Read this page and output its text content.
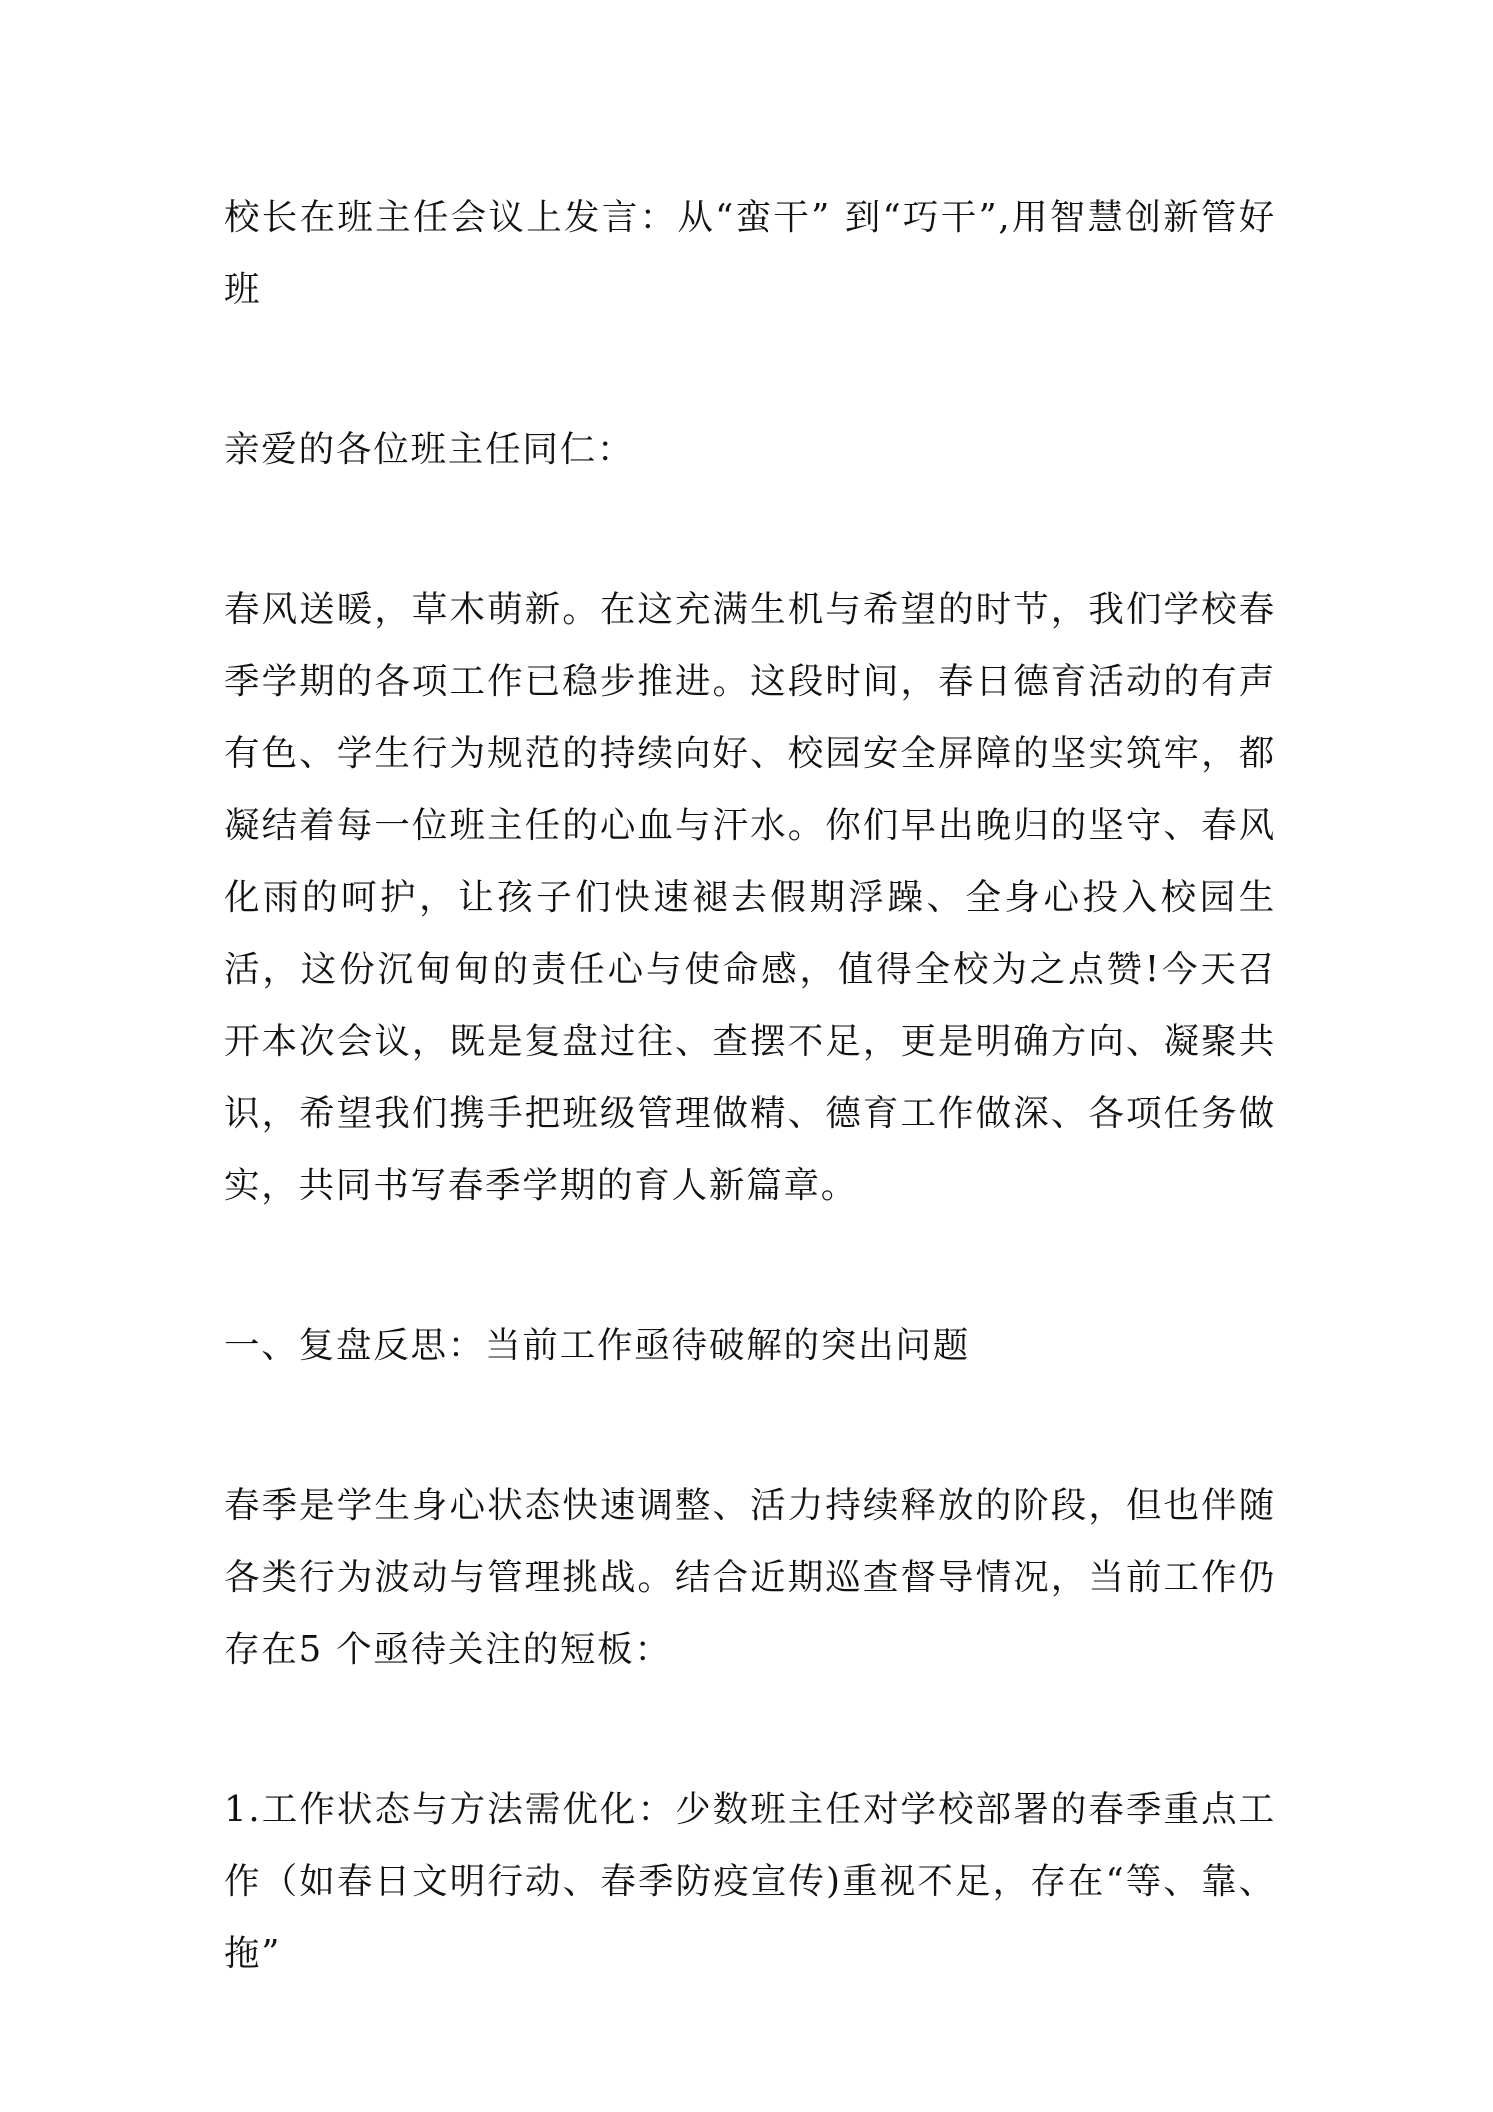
校长在班主任会议上发言：从“蛮干” 到“巧干”,用智慧创新管好班

亲爱的各位班主任同仁：

春风送暖，草木萌新。在这充满生机与希望的时节，我们学校春季学期的各项工作已稳步推进。这段时间，春日德育活动的有声有色、学生行为规范的持续向好、校园安全屏障的坚实筑牢，都凝结着每一位班主任的心血与汗水。你们早出晚归的坚守、春风化雨的呵护，让孩子们快速褪去假期浮躁、全身心投入校园生活，这份沉甸甸的责任心与使命感，值得全校为之点赞!今天召开本次会议，既是复盘过往、查摆不足，更是明确方向、凝聚共识，希望我们携手把班级管理做精、德育工作做深、各项任务做实，共同书写春季学期的育人新篇章。

一、复盘反思：当前工作亟待破解的突出问题

春季是学生身心状态快速调整、活力持续释放的阶段，但也伴随各类行为波动与管理挑战。结合近期巡查督导情况，当前工作仍存在5 个亟待关注的短板：

1.工作状态与方法需优化：少数班主任对学校部署的春季重点工作（如春日文明行动、春季防疫宣传)重视不足，存在“等、靠、拖”
